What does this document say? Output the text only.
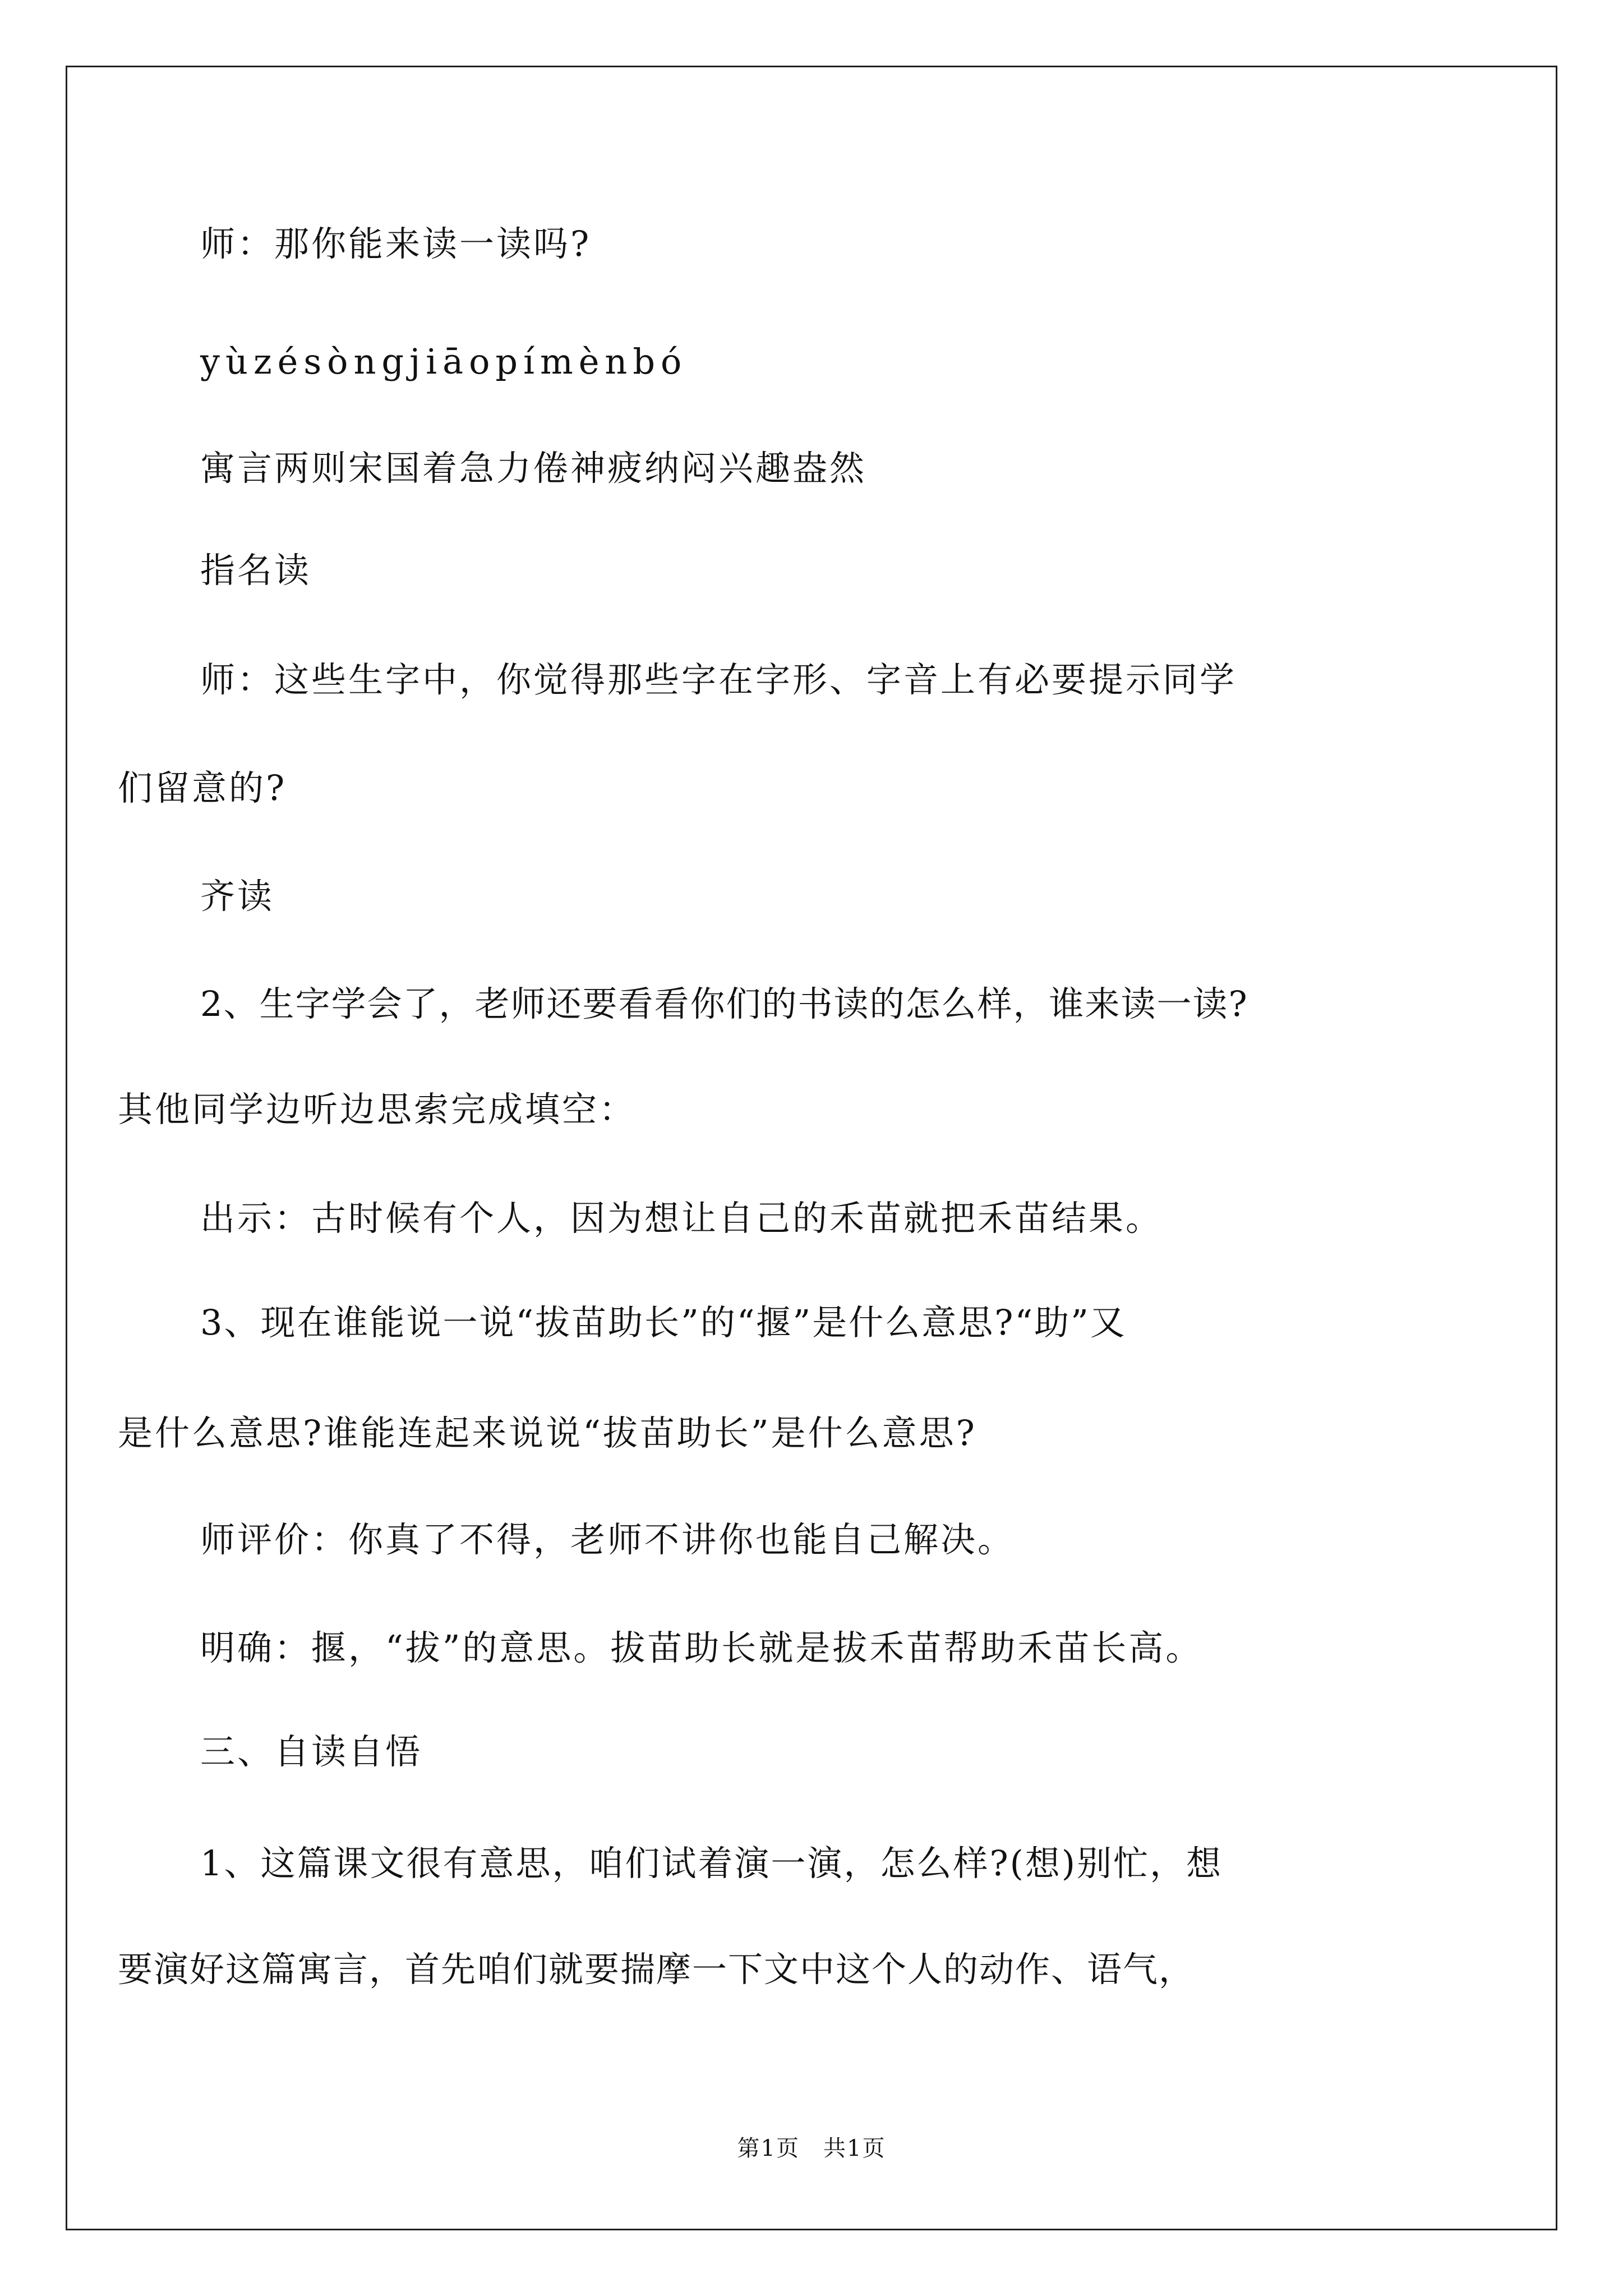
师：那你能来读一读吗?
yùzésòngjiāopímènbó
寓言两则宋国着急力倦神疲纳闷兴趣盎然
指名读
师：这些生字中，你觉得那些字在字形、字音上有必要提示同学
们留意的?
齐读
2、生字学会了，老师还要看看你们的书读的怎么样，谁来读一读?
其他同学边听边思索完成填空：
出示：古时候有个人，因为想让自己的禾苗就把禾苗结果。
3、现在谁能说一说“拔苗助长”的“揠”是什么意思?“助”又
是什么意思?谁能连起来说说“拔苗助长”是什么意思?
师评价：你真了不得，老师不讲你也能自己解决。
明确：揠，“拔”的意思。拔苗助长就是拔禾苗帮助禾苗长高。
三、自读自悟
1、这篇课文很有意思，咱们试着演一演，怎么样?(想)别忙，想
要演好这篇寓言，首先咱们就要揣摩一下文中这个人的动作、语气，
第1页　共1页
